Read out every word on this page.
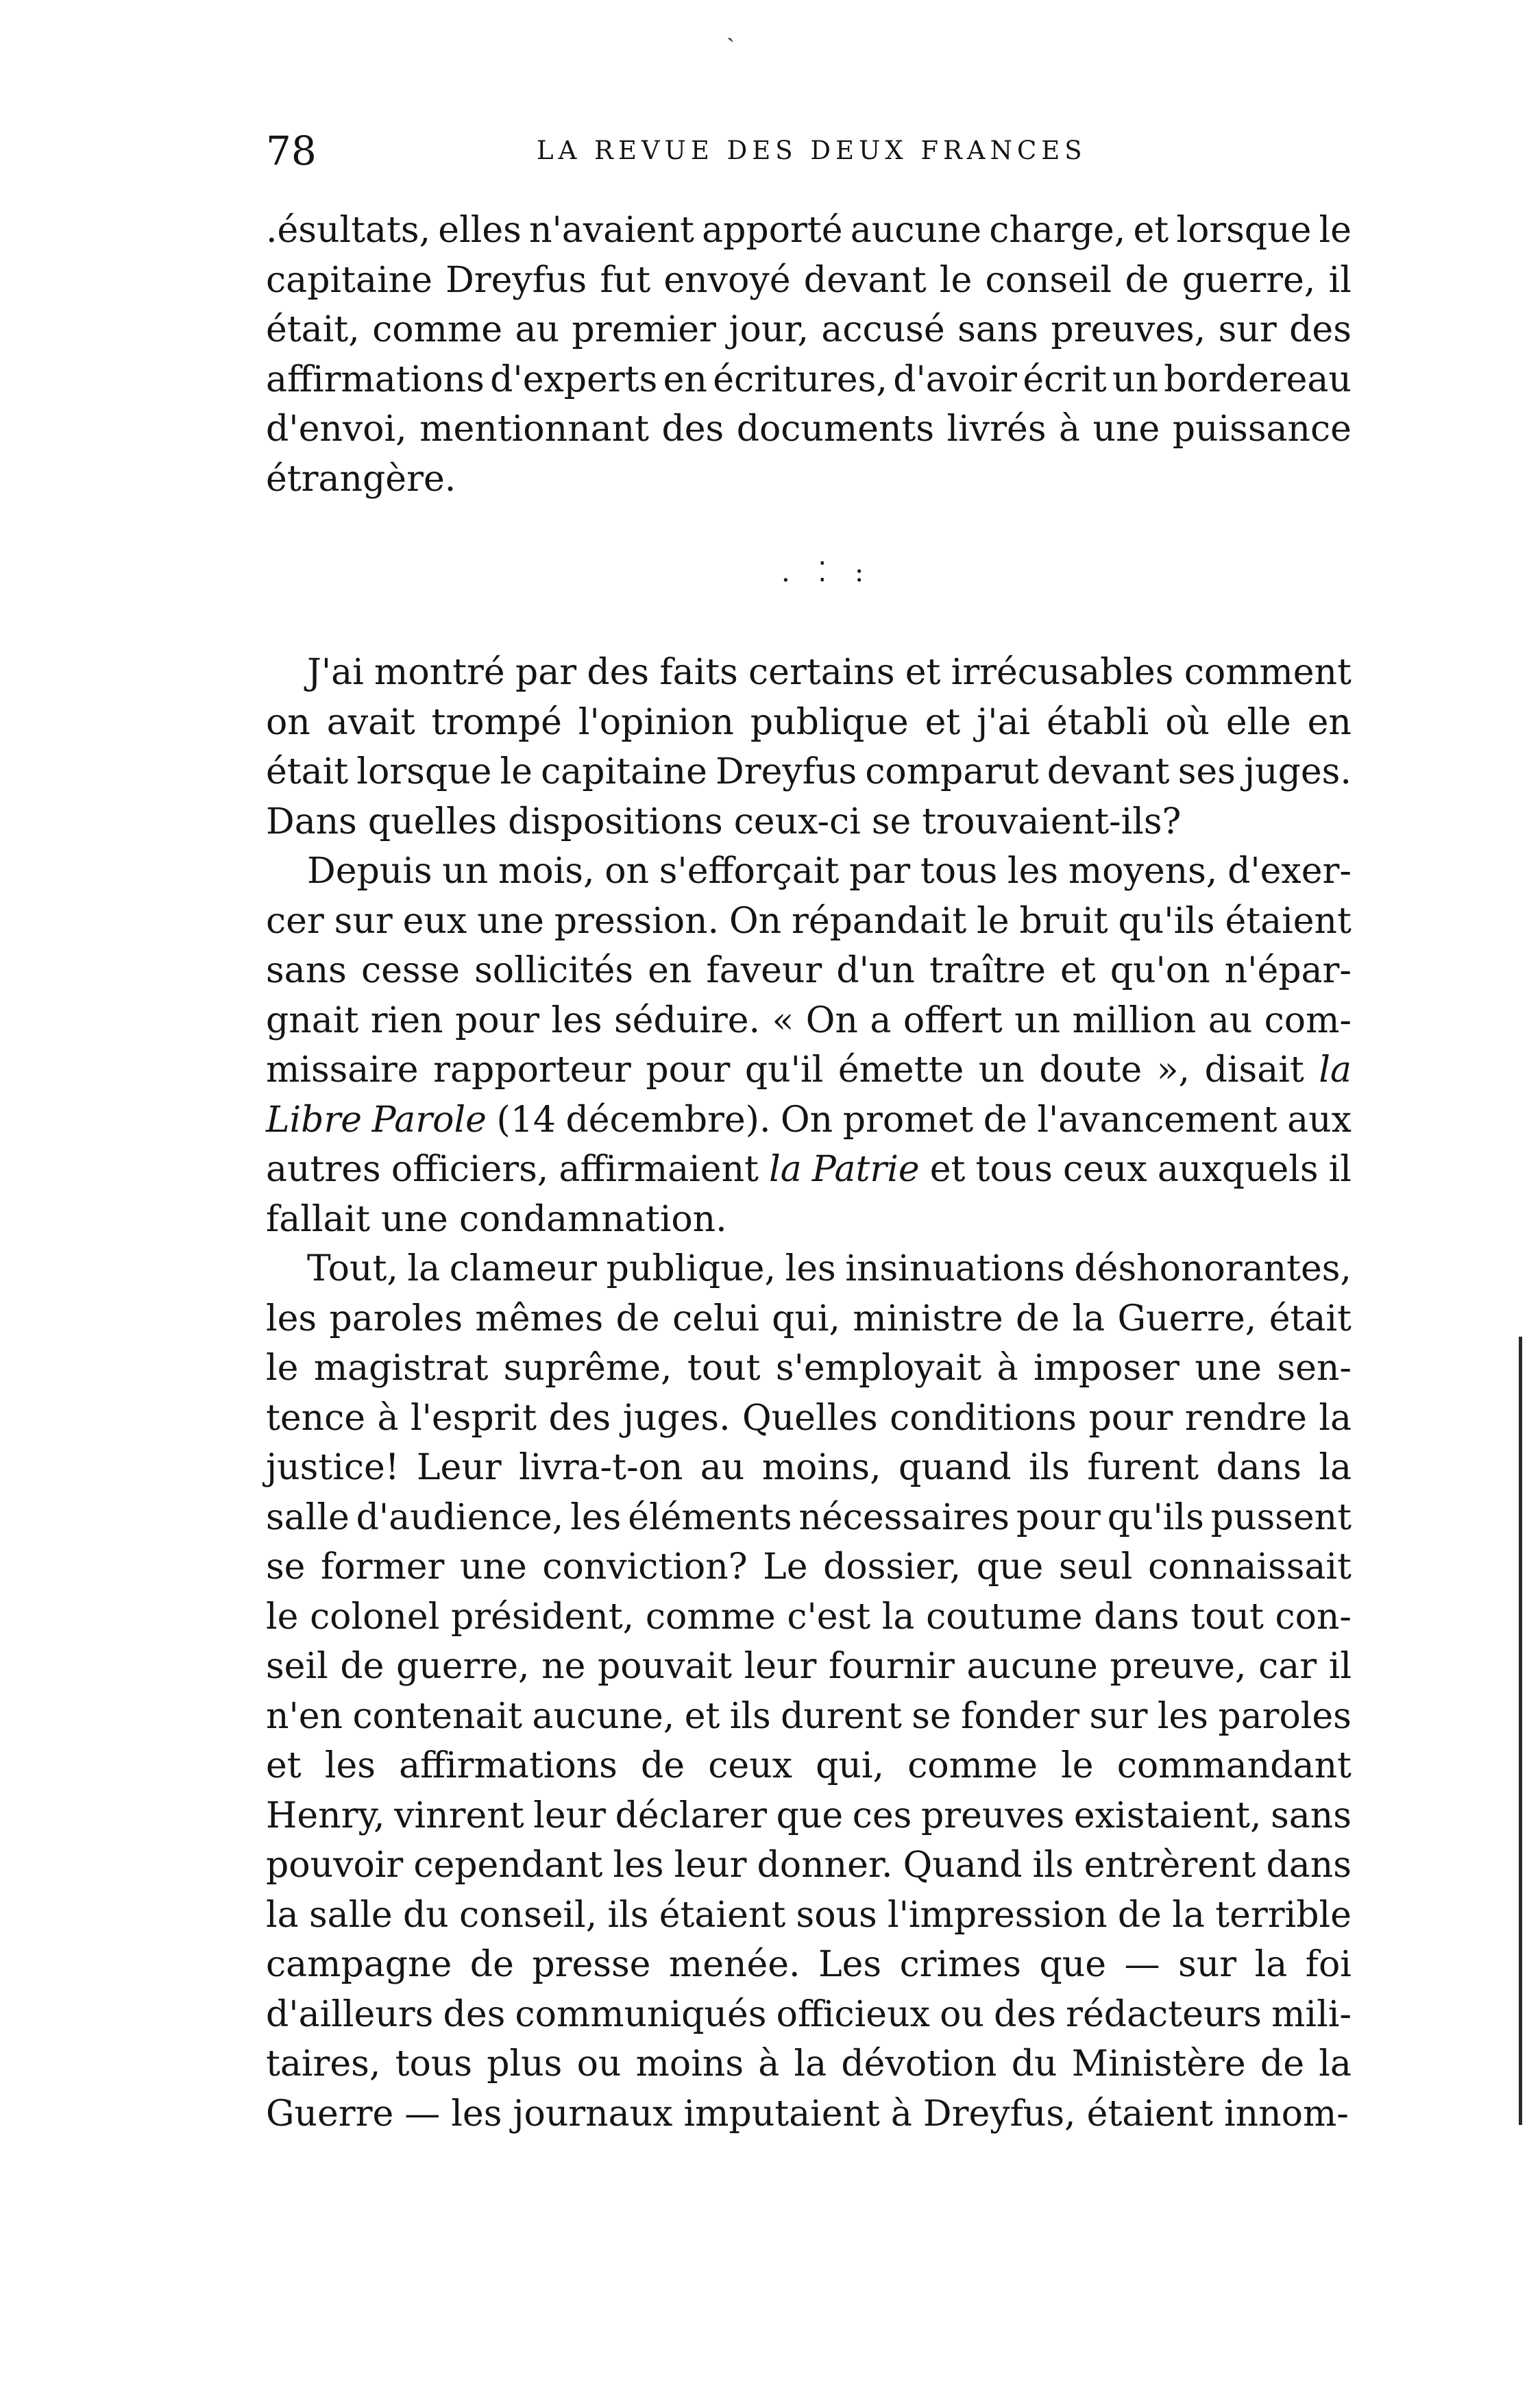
ˎ
78	LA REVUE DES DEUX FRANCES
.ésultats, elles n'avaient apporté aucune charge, et lorsque le
capitaine Dreyfus fut envoyé devant le conseil de guerre, il
était, comme au premier jour, accusé sans preuves, sur des
affirmations d'experts en écritures, d'avoir écrit un bordereau
d'envoi, mentionnant des documents livrés à une puissance
étrangère.
. ⁚ :
J'ai montré par des faits certains et irrécusables comment
on avait trompé l'opinion publique et j'ai établi où elle en
était lorsque le capitaine Dreyfus comparut devant ses juges.
Dans quelles dispositions ceux-ci se trouvaient-ils?
Depuis un mois, on s'efforçait par tous les moyens, d'exer-
cer sur eux une pression. On répandait le bruit qu'ils étaient
sans cesse sollicités en faveur d'un traître et qu'on n'épar-
gnait rien pour les séduire. « On a offert un million au com-
missaire rapporteur pour qu'il émette un doute », disait la
Libre Parole (14 décembre). On promet de l'avancement aux
autres officiers, affirmaient la Patrie et tous ceux auxquels il
fallait une condamnation.
Tout, la clameur publique, les insinuations déshonorantes,
les paroles mêmes de celui qui, ministre de la Guerre, était
le magistrat suprême, tout s'employait à imposer une sen-
tence à l'esprit des juges. Quelles conditions pour rendre la
justice! Leur livra-t-on au moins, quand ils furent dans la
salle d'audience, les éléments nécessaires pour qu'ils pussent
se former une conviction? Le dossier, que seul connaissait
le colonel président, comme c'est la coutume dans tout con-
seil de guerre, ne pouvait leur fournir aucune preuve, car il
n'en contenait aucune, et ils durent se fonder sur les paroles
et les affirmations de ceux qui, comme le commandant
Henry, vinrent leur déclarer que ces preuves existaient, sans
pouvoir cependant les leur donner. Quand ils entrèrent dans
la salle du conseil, ils étaient sous l'impression de la terrible
campagne de presse menée. Les crimes que — sur la foi
d'ailleurs des communiqués officieux ou des rédacteurs mili-
taires, tous plus ou moins à la dévotion du Ministère de la
Guerre — les journaux imputaient à Dreyfus, étaient innom-
